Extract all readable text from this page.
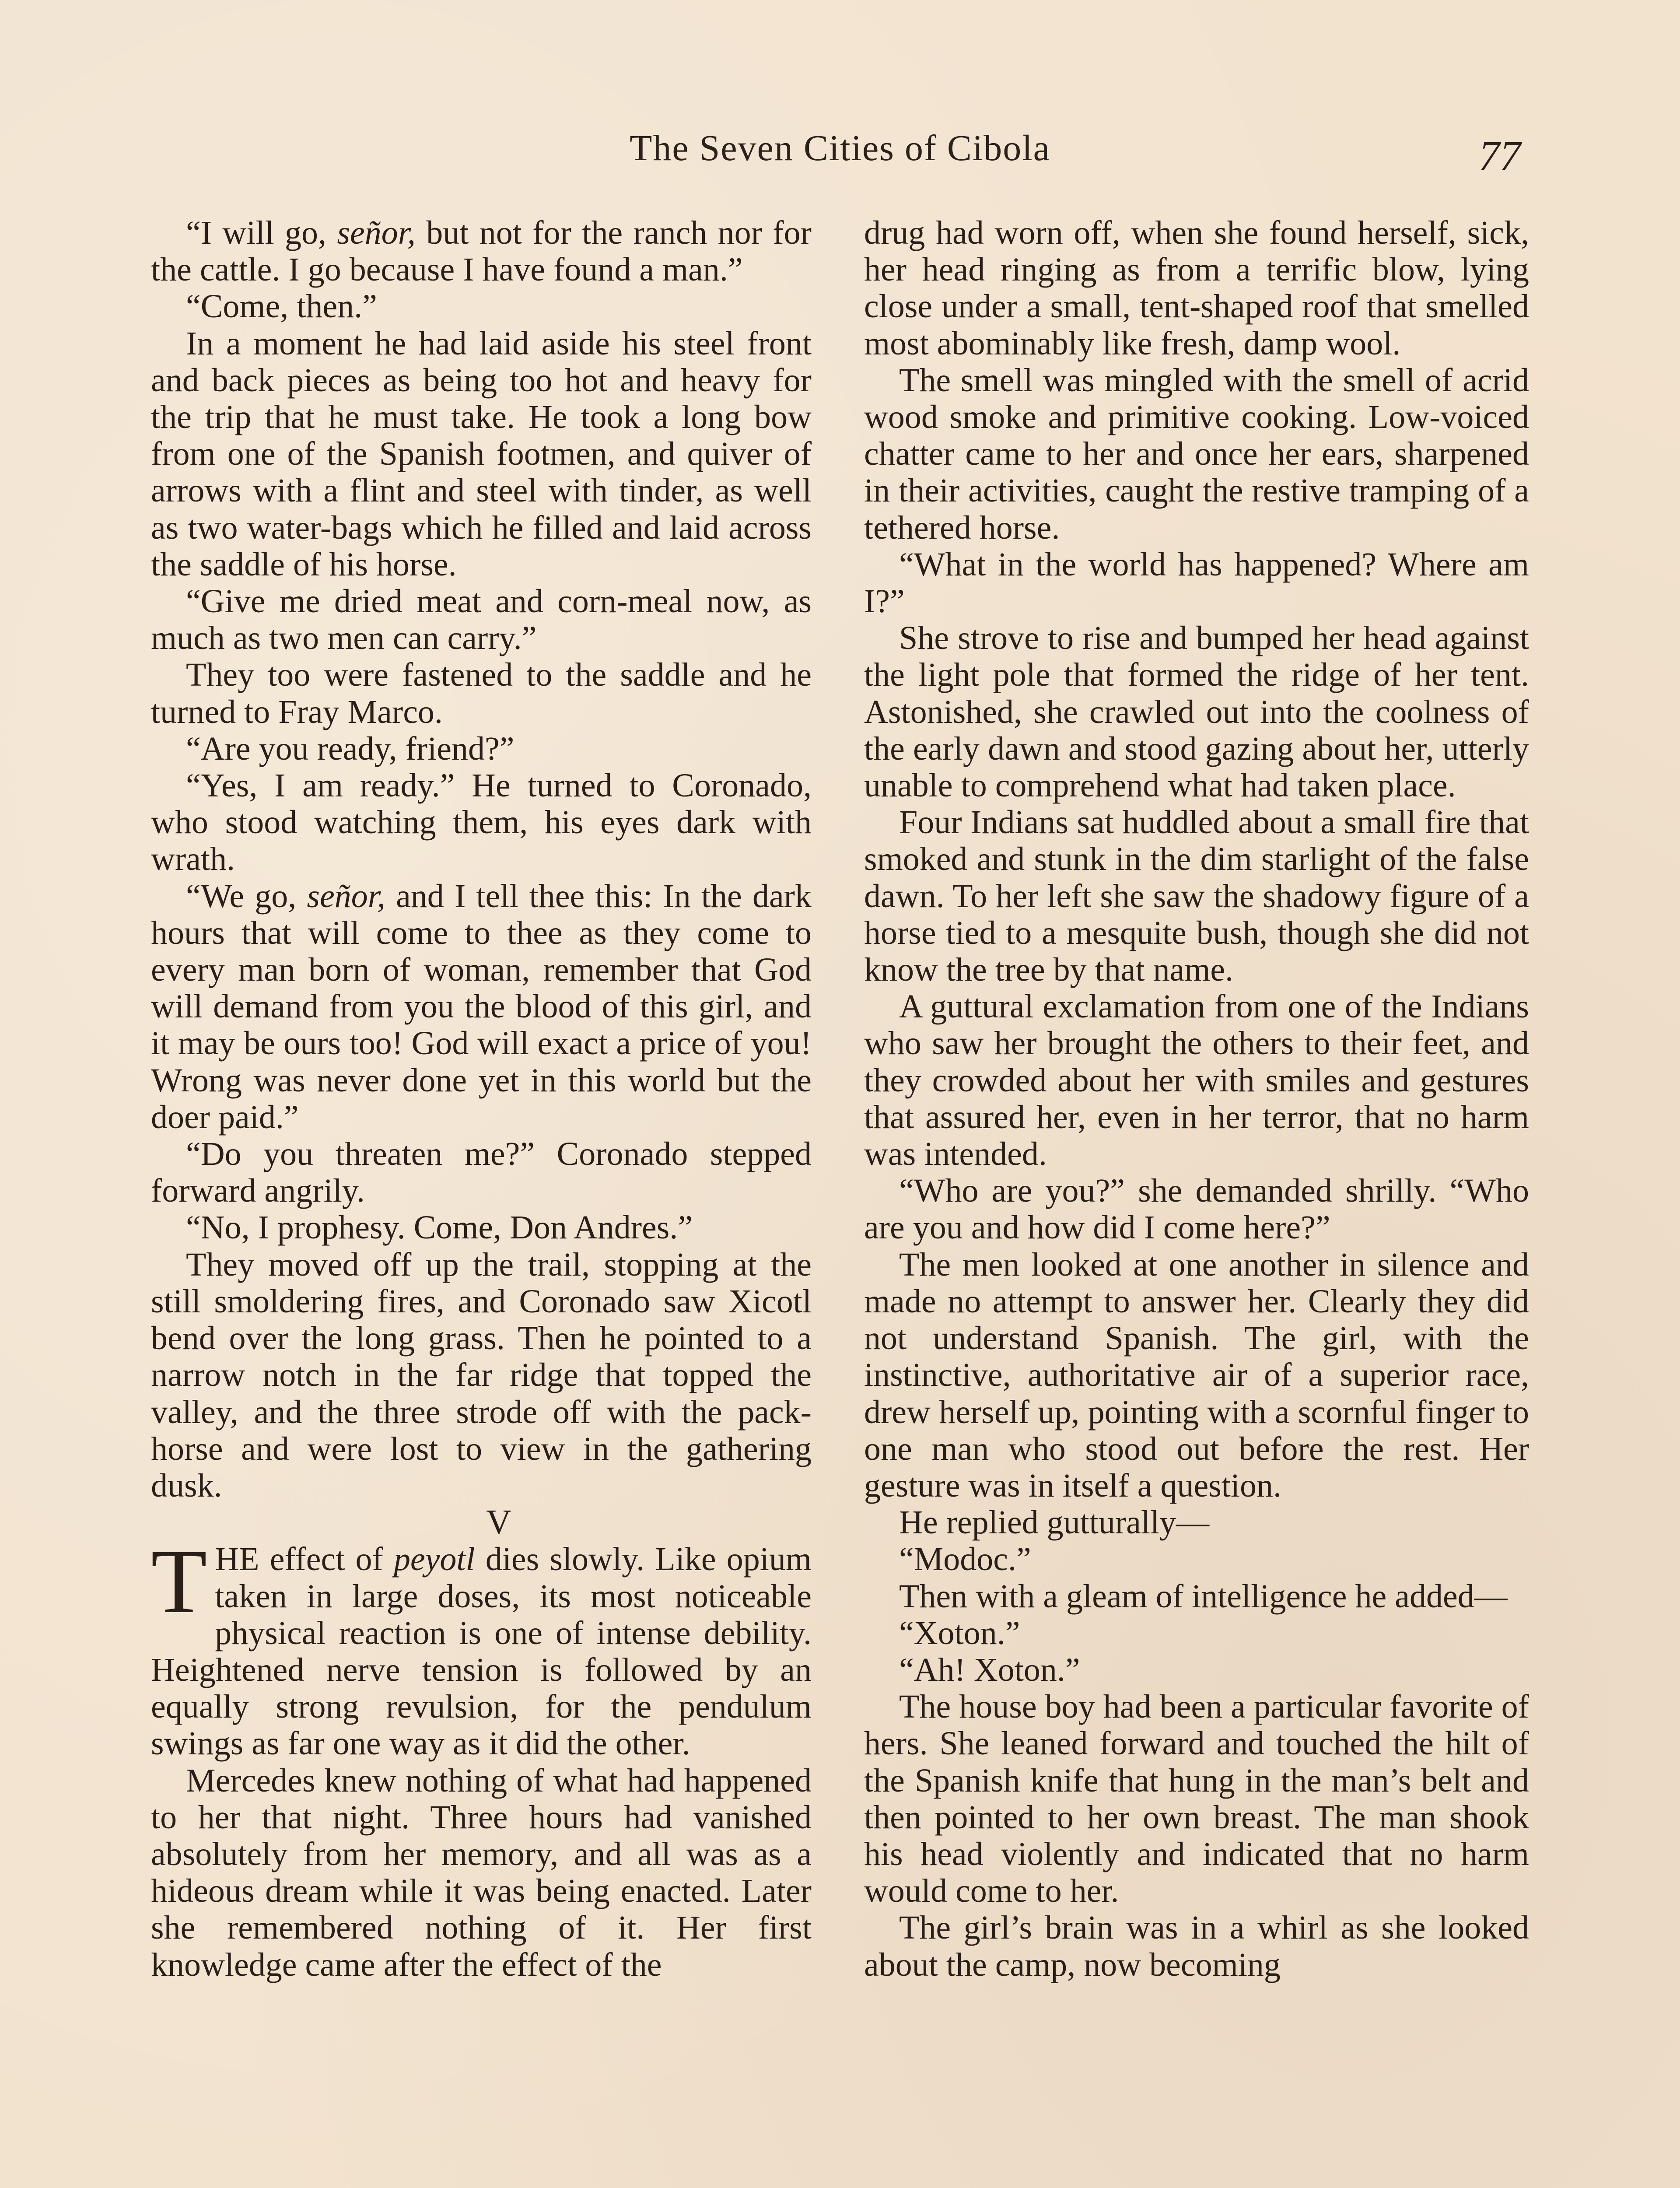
The Seven Cities of Cibola	77

“I will go, señor, but not for the ranch nor for the cattle. I go because I have found a man.”

“Come, then.”

In a moment he had laid aside his steel front and back pieces as being too hot and heavy for the trip that he must take. He took a long bow from one of the Spanish footmen, and quiver of arrows with a flint and steel with tinder, as well as two water-bags which he filled and laid across the saddle of his horse.

“Give me dried meat and corn-meal now, as much as two men can carry.”

They too were fastened to the saddle and he turned to Fray Marco.

“Are you ready, friend?”

“Yes, I am ready.” He turned to Coronado, who stood watching them, his eyes dark with wrath.

“We go, señor, and I tell thee this: In the dark hours that will come to thee as they come to every man born of woman, remember that God will demand from you the blood of this girl, and it may be ours too! God will exact a price of you! Wrong was never done yet in this world but the doer paid.”

“Do you threaten me?” Coronado stepped forward angrily.

“No, I prophesy. Come, Don Andres.”

They moved off up the trail, stopping at the still smoldering fires, and Coronado saw Xicotl bend over the long grass. Then he pointed to a narrow notch in the far ridge that topped the valley, and the three strode off with the pack-horse and were lost to view in the gathering dusk.

V

THE effect of peyotl dies slowly. Like opium taken in large doses, its most noticeable physical reaction is one of intense debility. Heightened nerve tension is followed by an equally strong revulsion, for the pendulum swings as far one way as it did the other.

Mercedes knew nothing of what had happened to her that night. Three hours had vanished absolutely from her memory, and all was as a hideous dream while it was being enacted. Later she remembered nothing of it. Her first knowledge came after the effect of the

drug had worn off, when she found herself, sick, her head ringing as from a terrific blow, lying close under a small, tent-shaped roof that smelled most abominably like fresh, damp wool.

The smell was mingled with the smell of acrid wood smoke and primitive cooking. Low-voiced chatter came to her and once her ears, sharpened in their activities, caught the restive tramping of a tethered horse.

“What in the world has happened? Where am I?”

She strove to rise and bumped her head against the light pole that formed the ridge of her tent. Astonished, she crawled out into the coolness of the early dawn and stood gazing about her, utterly unable to comprehend what had taken place.

Four Indians sat huddled about a small fire that smoked and stunk in the dim starlight of the false dawn. To her left she saw the shadowy figure of a horse tied to a mesquite bush, though she did not know the tree by that name.

A guttural exclamation from one of the Indians who saw her brought the others to their feet, and they crowded about her with smiles and gestures that assured her, even in her terror, that no harm was intended.

“Who are you?” she demanded shrilly. “Who are you and how did I come here?”

The men looked at one another in silence and made no attempt to answer her. Clearly they did not understand Spanish. The girl, with the instinctive, authoritative air of a superior race, drew herself up, pointing with a scornful finger to one man who stood out before the rest. Her gesture was in itself a question.

He replied gutturally—

“Modoc.”

Then with a gleam of intelligence he added—

“Xoton.”

“Ah! Xoton.”

The house boy had been a particular favorite of hers. She leaned forward and touched the hilt of the Spanish knife that hung in the man’s belt and then pointed to her own breast. The man shook his head violently and indicated that no harm would come to her.

The girl’s brain was in a whirl as she looked about the camp, now becoming
